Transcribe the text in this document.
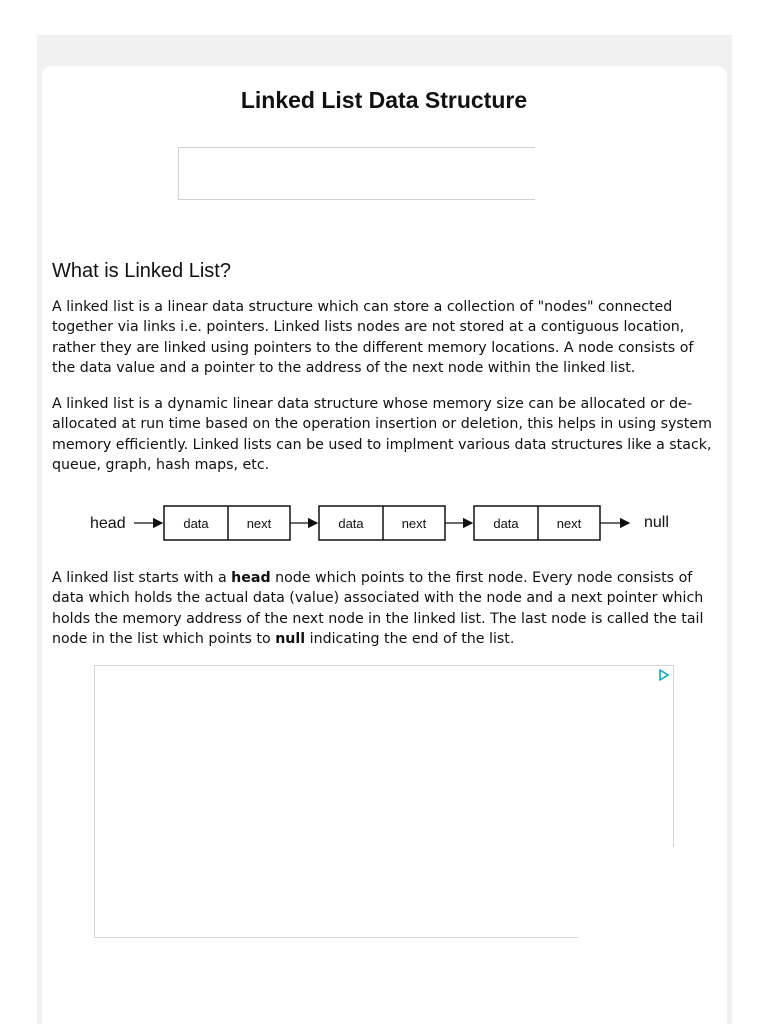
Linked List Data Structure
What is Linked List?

A linked list is a linear data structure which can store a collection of "nodes" connected together via links i.e. pointers. Linked lists nodes are not stored at a contiguous location, rather they are linked using pointers to the different memory locations. A node consists of the data value and a pointer to the address of the next node within the linked list.

A linked list is a dynamic linear data structure whose memory size can be allocated or de-allocated at run time based on the operation insertion or deletion, this helps in using system memory efficiently. Linked lists can be used to implment various data structures like a stack, queue, graph, hash maps, etc.

head	data	next	data	next	data	next	null

A linked list starts with a head node which points to the first node. Every node consists of data which holds the actual data (value) associated with the node and a next pointer which holds the memory address of the next node in the linked list. The last node is called the tail node in the list which points to null indicating the end of the list.
